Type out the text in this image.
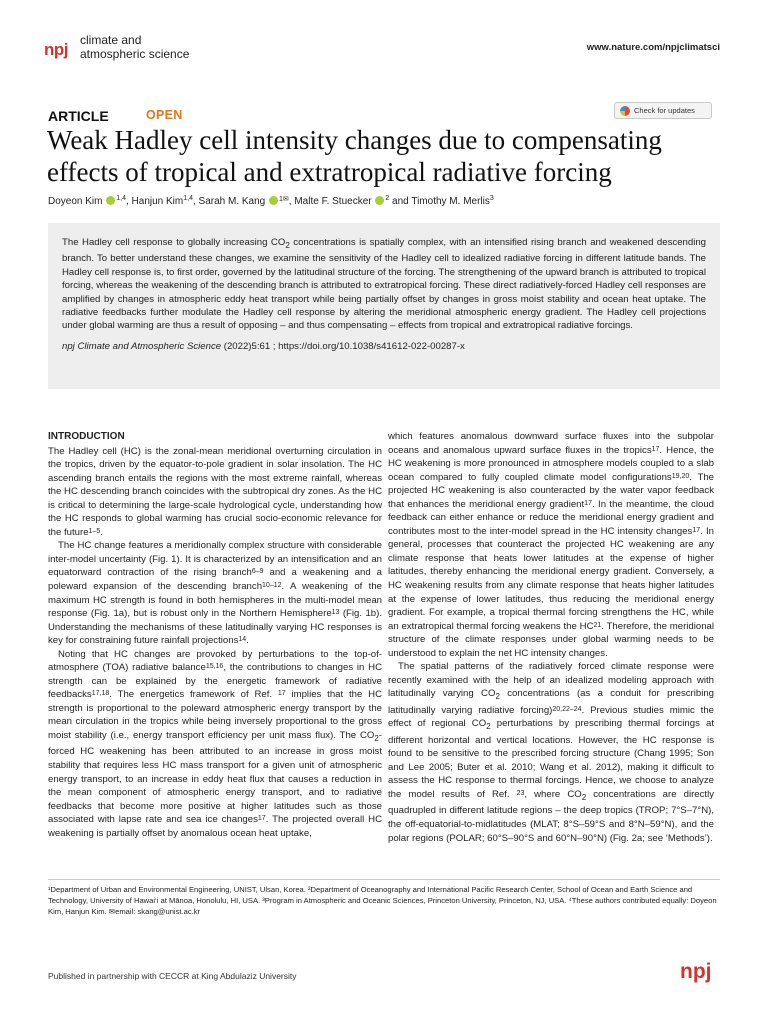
npj climate and
atmospheric science	www.nature.com/npjclimatsci
ARTICLE	OPEN	Check for updates
Weak Hadley cell intensity changes due to compensating effects of tropical and extratropical radiative forcing
Doyeon Kim $^{1,4}$, Hanjun Kim$^{1,4}$, Sarah M. Kang $^{1✉}$, Malte F. Stuecker $^2$ and Timothy M. Merlis$^3$
The Hadley cell response to globally increasing $CO_2$ concentrations is spatially complex, with an intensified rising branch and weakened descending branch. To better understand these changes, we examine the sensitivity of the Hadley cell to idealized radiative forcing in different latitude bands. The Hadley cell response is, to first order, governed by the latitudinal structure of the forcing. The strengthening of the upward branch is attributed to tropical forcing, whereas the weakening of the descending branch is attributed to extratropical forcing. These direct radiatively-forced Hadley cell responses are amplified by changes in atmospheric eddy heat transport while being partially offset by changes in gross moist stability and ocean heat uptake. The radiative feedbacks further modulate the Hadley cell response by altering the meridional atmospheric energy gradient. The Hadley cell projections under global warming are thus a result of opposing – and thus compensating – effects from tropical and extratropical radiative forcings.
npj Climate and Atmospheric Science (2022)5:61 ; https://doi.org/10.1038/s41612-022-00287-x
INTRODUCTION

The Hadley cell (HC) is the zonal-mean meridional overturning circulation in the tropics, driven by the equator-to-pole gradient in solar insolation. The HC ascending branch entails the regions with the most extreme rainfall, whereas the HC descending branch coincides with the subtropical dry zones. As the HC is critical to determining the large-scale hydrological cycle, understanding how the HC responds to global warming has crucial socio-economic relevance for the future$^{1-5}$.

The HC change features a meridionally complex structure with considerable inter-model uncertainty (Fig. 1). It is characterized by an intensification and an equatorward contraction of the rising branch$^{6-9}$ and a weakening and a poleward expansion of the descending branch$^{10-12}$. A weakening of the maximum HC strength is found in both hemispheres in the multi-model mean response (Fig. 1a), but is robust only in the Northern Hemisphere$^{13}$ (Fig. 1b). Understanding the mechanisms of these latitudinally varying HC responses is key for constraining future rainfall projections$^{14}$.

Noting that HC changes are provoked by perturbations to the top-of-atmosphere (TOA) radiative balance$^{15,16}$, the contributions to changes in HC strength can be explained by the energetic framework of radiative feedbacks$^{17,18}$. The energetics framework of Ref. $^{17}$ implies that the HC strength is proportional to the poleward atmospheric energy transport by the mean circulation in the tropics while being inversely proportional to the gross moist stability (i.e., energy transport efficiency per unit mass flux). The $CO_2$-forced HC weakening has been attributed to an increase in gross moist stability that requires less HC mass transport for a given unit of atmospheric energy transport, to an increase in eddy heat flux that causes a reduction in the mean component of atmospheric energy transport, and to radiative feedbacks that become more positive at higher latitudes such as those associated with lapse rate and sea ice changes$^{17}$. The projected overall HC weakening is partially offset by anomalous ocean heat uptake,

which features anomalous downward surface fluxes into the subpolar oceans and anomalous upward surface fluxes in the tropics$^{17}$. Hence, the HC weakening is more pronounced in atmosphere models coupled to a slab ocean compared to fully coupled climate model configurations$^{19,20}$. The projected HC weakening is also counteracted by the water vapor feedback that enhances the meridional energy gradient$^{17}$. In the meantime, the cloud feedback can either enhance or reduce the meridional energy gradient and contributes most to the inter-model spread in the HC intensity changes$^{17}$. In general, processes that counteract the projected HC weakening are any climate response that heats lower latitudes at the expense of higher latitudes, thereby enhancing the meridional energy gradient. Conversely, a HC weakening results from any climate response that heats higher latitudes at the expense of lower latitudes, thus reducing the meridional energy gradient. For example, a tropical thermal forcing strengthens the HC, while an extratropical thermal forcing weakens the HC$^{21}$. Therefore, the meridional structure of the climate responses under global warming needs to be understood to explain the net HC intensity changes.

The spatial patterns of the radiatively forced climate response were recently examined with the help of an idealized modeling approach with latitudinally varying $CO_2$ concentrations (as a conduit for prescribing latitudinally varying radiative forcing)$^{20,22-24}$. Previous studies mimic the effect of regional $CO_2$ perturbations by prescribing thermal forcings at different horizontal and vertical locations. However, the HC response is found to be sensitive to the prescribed forcing structure (Chang 1995; Son and Lee 2005; Buter et al. 2010; Wang et al. 2012), making it difficult to assess the HC response to thermal forcings. Hence, we choose to analyze the model results of Ref. $^{23}$, where $CO_2$ concentrations are directly quadrupled in different latitude regions – the deep tropics (TROP; 7°S–7°N), the off-equatorial-to-midlatitudes (MLAT; 8°S–59°S and 8°N–59°N), and the polar regions (POLAR; 60°S–90°S and 60°N–90°N) (Fig. 2a; see ‘Methods’).

¹Department of Urban and Environmental Engineering, UNIST, Ulsan, Korea. ²Department of Oceanography and International Pacific Research Center, School of Ocean and Earth Science and Technology, University of Hawai‘i at Mānoa, Honolulu, HI, USA. ³Program in Atmospheric and Oceanic Sciences, Princeton University, Princeton, NJ, USA. ⁴These authors contributed equally: Doyeon Kim, Hanjun Kim. ✉email: skang@unist.ac.kr
Published in partnership with CECCR at King Abdulaziz University	npj
